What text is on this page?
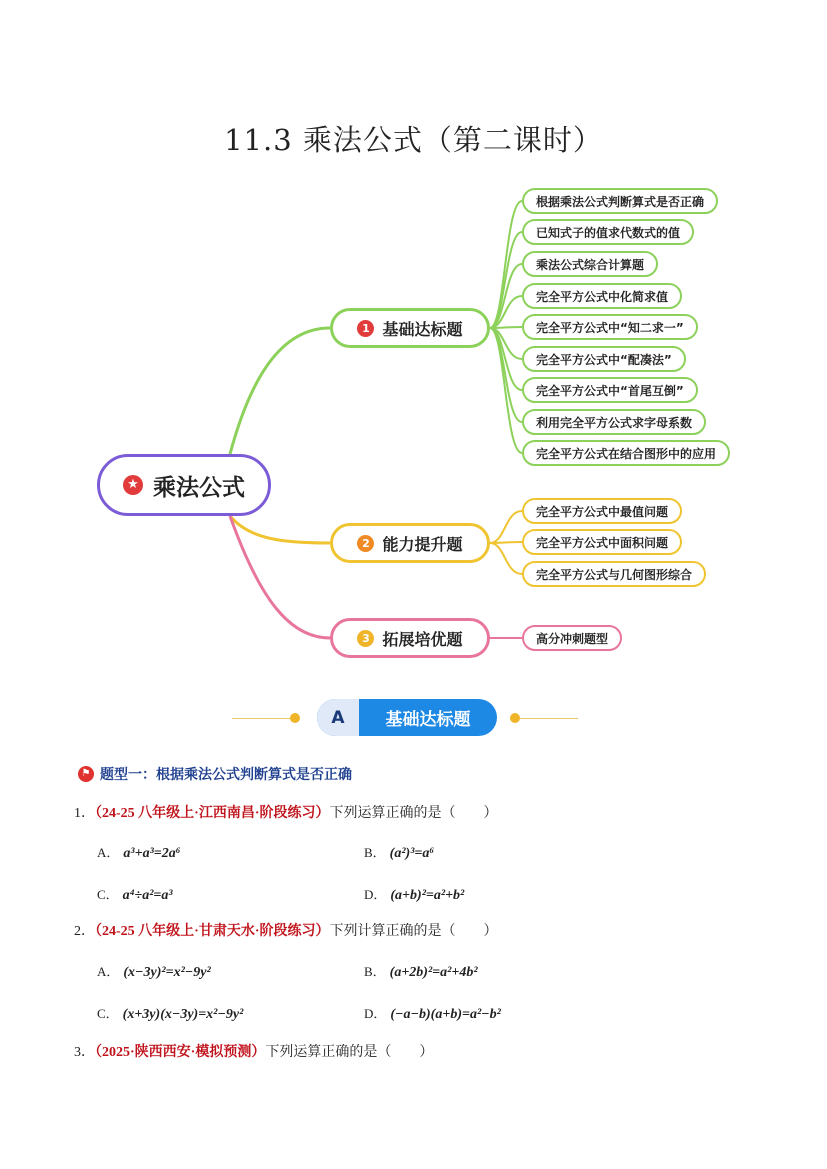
11.3 乘法公式（第二课时）
★ 乘法公式
1 基础达标题
2 能力提升题
3 拓展培优题
根据乘法公式判断算式是否正确
已知式子的值求代数式的值
乘法公式综合计算题
完全平方公式中化简求值
完全平方公式中“知二求一”
完全平方公式中“配凑法”
完全平方公式中“首尾互倒”
利用完全平方公式求字母系数
完全平方公式在结合图形中的应用
完全平方公式中最值问题
完全平方公式中面积问题
完全平方公式与几何图形综合
高分冲刺题型
A	基础达标题
⚑ 题型一：根据乘法公式判断算式是否正确
1．（24-25 八年级上·江西南昌·阶段练习）下列运算正确的是（　　）
A． a³+a³=2a⁶	B． (a²)³=a⁶
C． a⁴÷a²=a³	D． (a+b)²=a²+b²
2．（24-25 八年级上·甘肃天水·阶段练习）下列计算正确的是（　　）
A． (x−3y)²=x²−9y²	B． (a+2b)²=a²+4b²
C． (x+3y)(x−3y)=x²−9y²	D． (−a−b)(a+b)=a²−b²
3．（2025·陕西西安·模拟预测）下列运算正确的是（　　）
